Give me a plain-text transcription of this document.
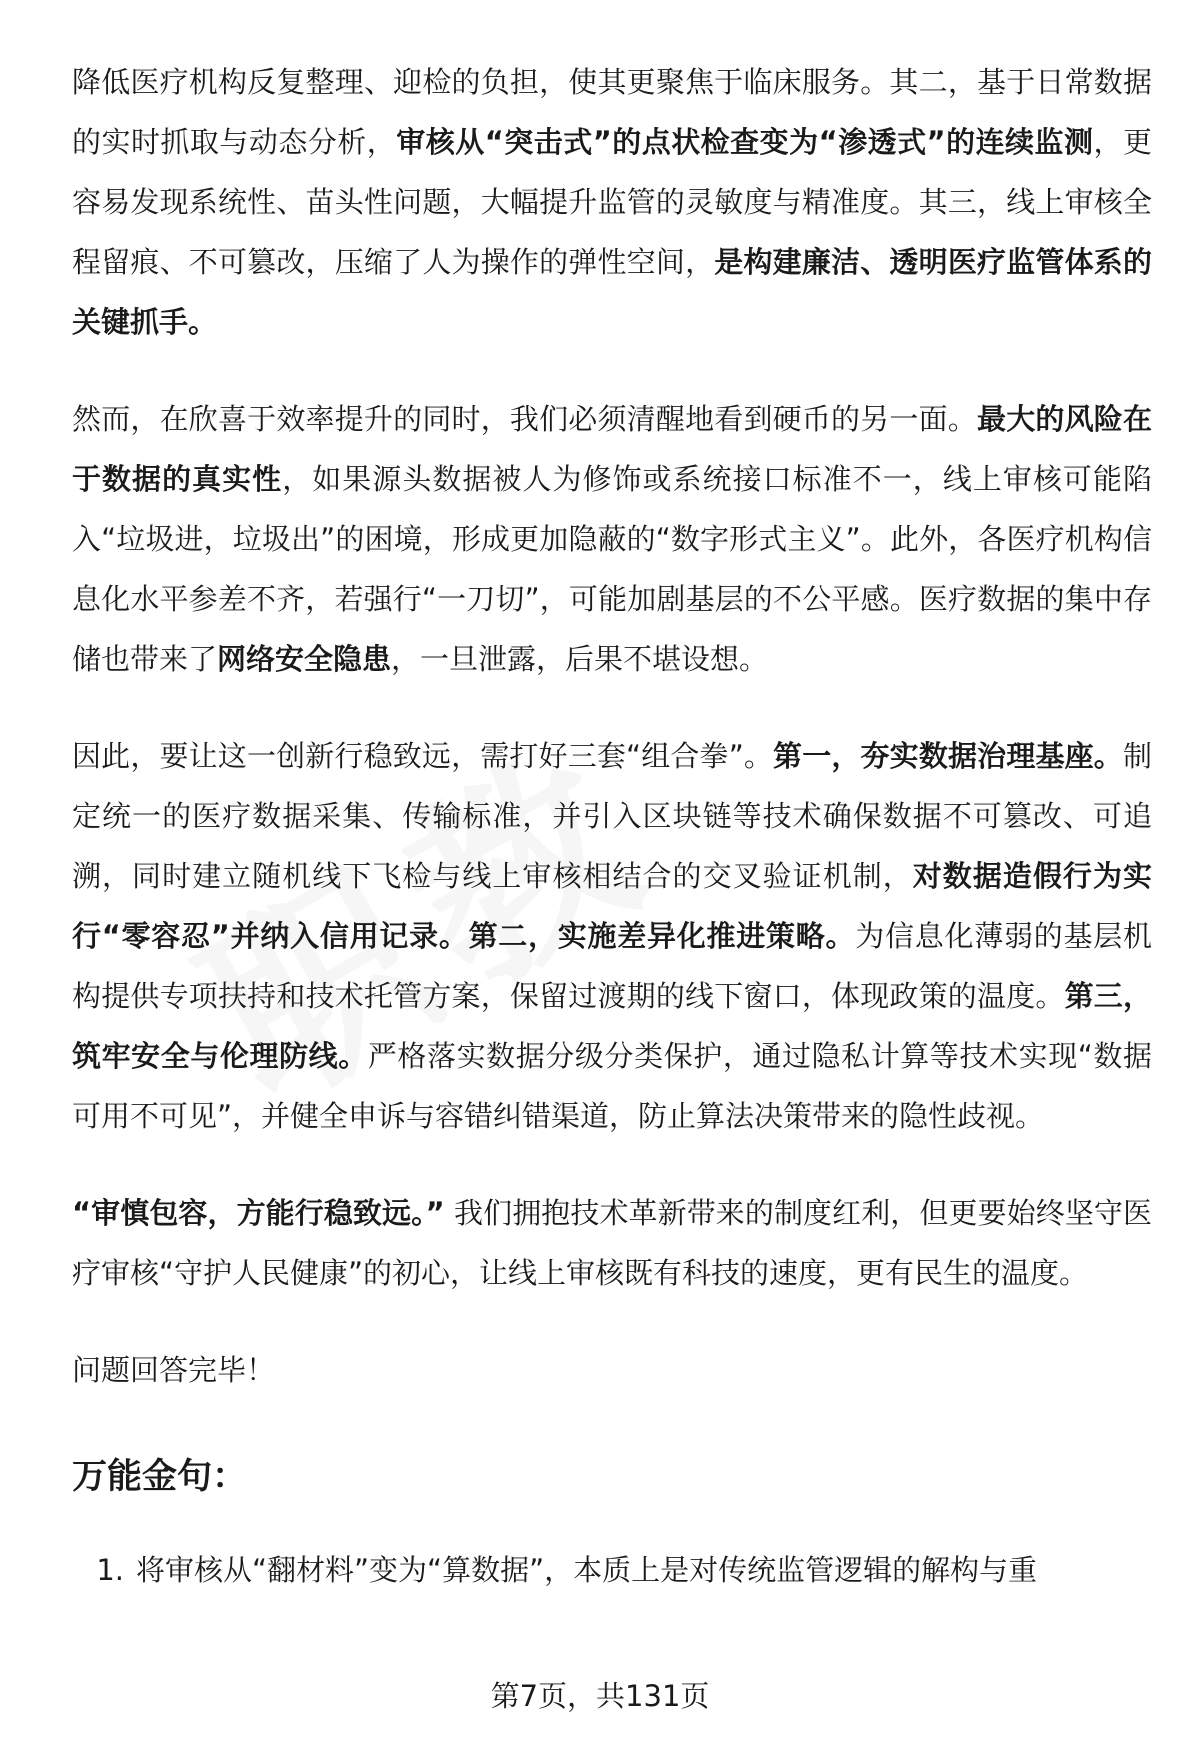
降低医疗机构反复整理、迎检的负担，使其更聚焦于临床服务。其二，基于日常数据的实时抓取与动态分析，审核从“突击式”的点状检查变为“渗透式”的连续监测，更容易发现系统性、苗头性问题，大幅提升监管的灵敏度与精准度。其三，线上审核全程留痕、不可篡改，压缩了人为操作的弹性空间，是构建廉洁、透明医疗监管体系的关键抓手。

然而，在欣喜于效率提升的同时，我们必须清醒地看到硬币的另一面。最大的风险在于数据的真实性，如果源头数据被人为修饰或系统接口标准不一，线上审核可能陷入“垃圾进，垃圾出”的困境，形成更加隐蔽的“数字形式主义”。此外，各医疗机构信息化水平参差不齐，若强行“一刀切”，可能加剧基层的不公平感。医疗数据的集中存储也带来了网络安全隐患，一旦泄露，后果不堪设想。

因此，要让这一创新行稳致远，需打好三套“组合拳”。第一，夯实数据治理基座。制定统一的医疗数据采集、传输标准，并引入区块链等技术确保数据不可篡改、可追溯，同时建立随机线下飞检与线上审核相结合的交叉验证机制，对数据造假行为实行“零容忍”并纳入信用记录。第二，实施差异化推进策略。为信息化薄弱的基层机构提供专项扶持和技术托管方案，保留过渡期的线下窗口，体现政策的温度。第三，筑牢安全与伦理防线。严格落实数据分级分类保护，通过隐私计算等技术实现“数据可用不可见”，并健全申诉与容错纠错渠道，防止算法决策带来的隐性歧视。

“审慎包容，方能行稳致远。” 我们拥抱技术革新带来的制度红利，但更要始终坚守医疗审核“守护人民健康”的初心，让线上审核既有科技的速度，更有民生的温度。

问题回答完毕！

万能金句：
1. 将审核从“翻材料”变为“算数据”，本质上是对传统监管逻辑的解构与重
第7页，共131页
